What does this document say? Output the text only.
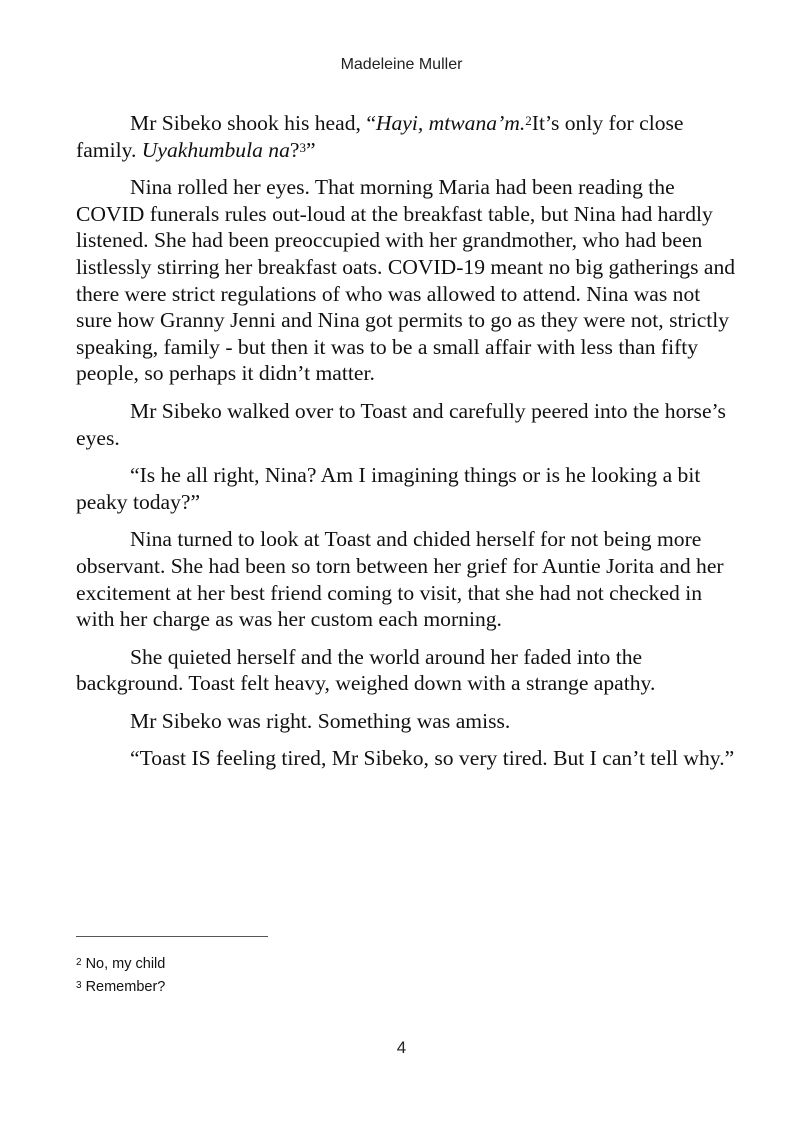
Madeleine Muller

Mr Sibeko shook his head, “Hayi, mtwana’m.$^2$It’s only for close family. Uyakhumbula na?$^3$”

Nina rolled her eyes. That morning Maria had been reading the COVID funerals rules out-loud at the breakfast table, but Nina had hardly listened. She had been preoccupied with her grandmother, who had been listlessly stirring her breakfast oats. COVID-19 meant no big gatherings and there were strict regulations of who was allowed to attend. Nina was not sure how Granny Jenni and Nina got permits to go as they were not, strictly speaking, family - but then it was to be a small affair with less than fifty people, so perhaps it didn’t matter.

Mr Sibeko walked over to Toast and carefully peered into the horse’s eyes.

“Is he all right, Nina? Am I imagining things or is he looking a bit peaky today?”

Nina turned to look at Toast and chided herself for not being more observant. She had been so torn between her grief for Auntie Jorita and her excitement at her best friend coming to visit, that she had not checked in with her charge as was her custom each morning.

She quieted herself and the world around her faded into the background. Toast felt heavy, weighed down with a strange apathy.

Mr Sibeko was right. Something was amiss.

“Toast IS feeling tired, Mr Sibeko, so very tired. But I can’t tell why.”

$^2$ No, my child
$^3$ Remember?
4
